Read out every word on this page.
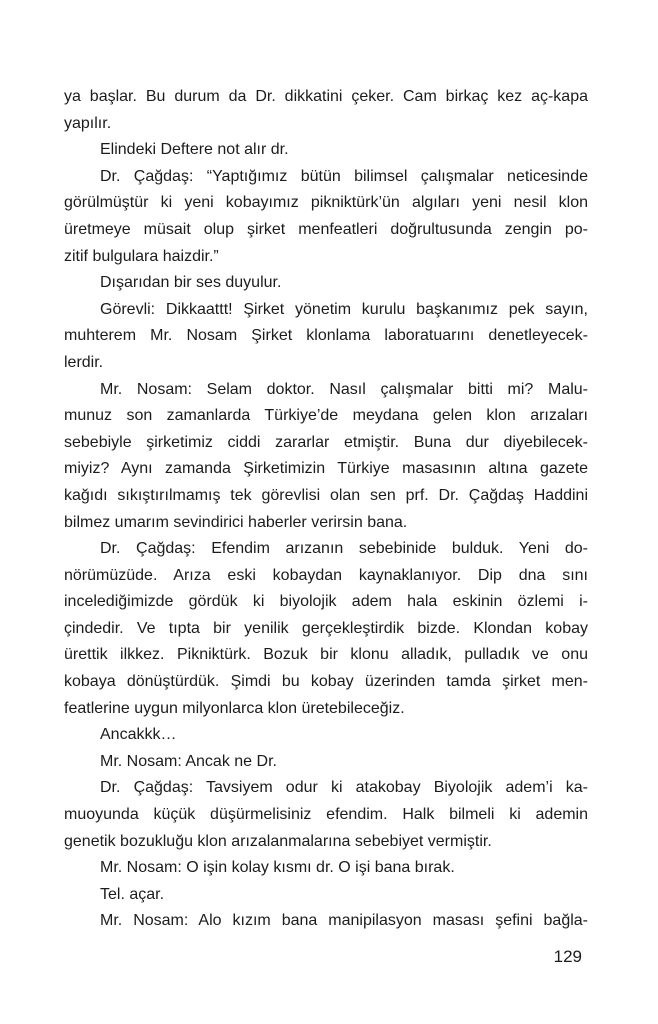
ya başlar. Bu durum da Dr. dikkatini çeker. Cam birkaç kez aç-kapa
yapılır.
Elindeki Deftere not alır dr.
Dr. Çağdaş: “Yaptığımız bütün bilimsel çalışmalar neticesinde
görülmüştür ki yeni kobayımız pikniktürk’ün algıları yeni nesil klon
üretmeye müsait olup şirket menfeatleri doğrultusunda zengin po-
zitif bulgulara haizdir.”
Dışarıdan bir ses duyulur.
Görevli: Dikkaattt! Şirket yönetim kurulu başkanımız pek sayın,
muhterem Mr. Nosam Şirket klonlama laboratuarını denetleyecek-
lerdir.
Mr. Nosam: Selam doktor. Nasıl çalışmalar bitti mi? Malu-
munuz son zamanlarda Türkiye’de meydana gelen klon arızaları
sebebiyle şirketimiz ciddi zararlar etmiştir. Buna dur diyebilecek-
miyiz? Aynı zamanda Şirketimizin Türkiye masasının altına gazete
kağıdı sıkıştırılmamış tek görevlisi olan sen prf. Dr. Çağdaş Haddini
bilmez umarım sevindirici haberler verirsin bana.
Dr. Çağdaş: Efendim arızanın sebebinide bulduk. Yeni do-
nörümüzüde. Arıza eski kobaydan kaynaklanıyor. Dip dna sını
incelediğimizde gördük ki biyolojik adem hala eskinin özlemi i-
çindedir. Ve tıpta bir yenilik gerçekleştirdik bizde. Klondan kobay
ürettik ilkkez. Pikniktürk. Bozuk bir klonu alladık, pulladık ve onu
kobaya dönüştürdük. Şimdi bu kobay üzerinden tamda şirket men-
featlerine uygun milyonlarca klon üretebileceğiz.
Ancakkk…
Mr. Nosam: Ancak ne Dr.
Dr. Çağdaş: Tavsiyem odur ki atakobay Biyolojik adem’i ka-
muoyunda küçük düşürmelisiniz efendim. Halk bilmeli ki ademin
genetik bozukluğu klon arızalanmalarına sebebiyet vermiştir.
Mr. Nosam: O işin kolay kısmı dr. O işi bana bırak.
Tel. açar.
Mr. Nosam: Alo kızım bana manipilasyon masası şefini bağla-
129
